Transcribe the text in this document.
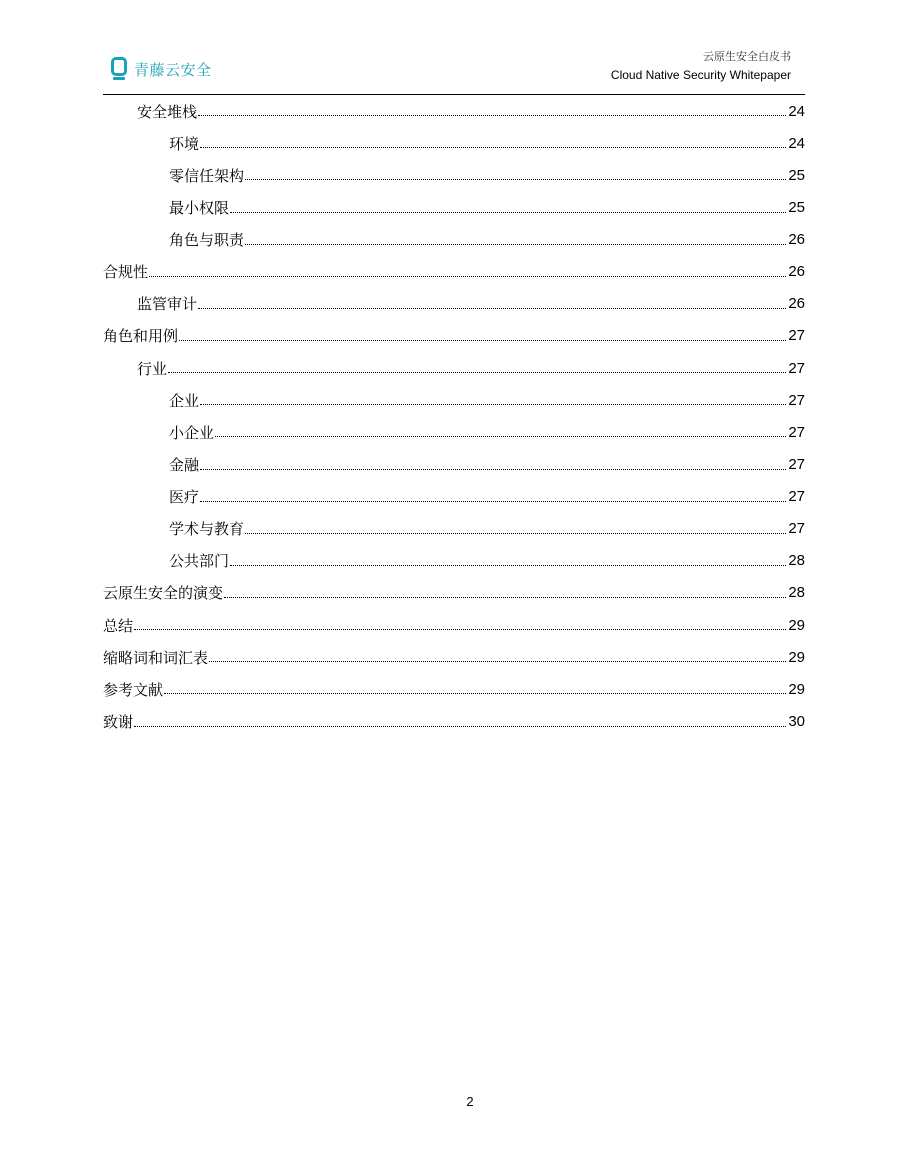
青藤云安全
云原生安全白皮书
Cloud Native Security Whitepaper
安全堆栈	24
环境	24
零信任架构	25
最小权限	25
角色与职责	26
合规性	26
监管审计	26
角色和用例	27
行业	27
企业	27
小企业	27
金融	27
医疗	27
学术与教育	27
公共部门	28
云原生安全的演变	28
总结	29
缩略词和词汇表	29
参考文献	29
致谢	30
2
